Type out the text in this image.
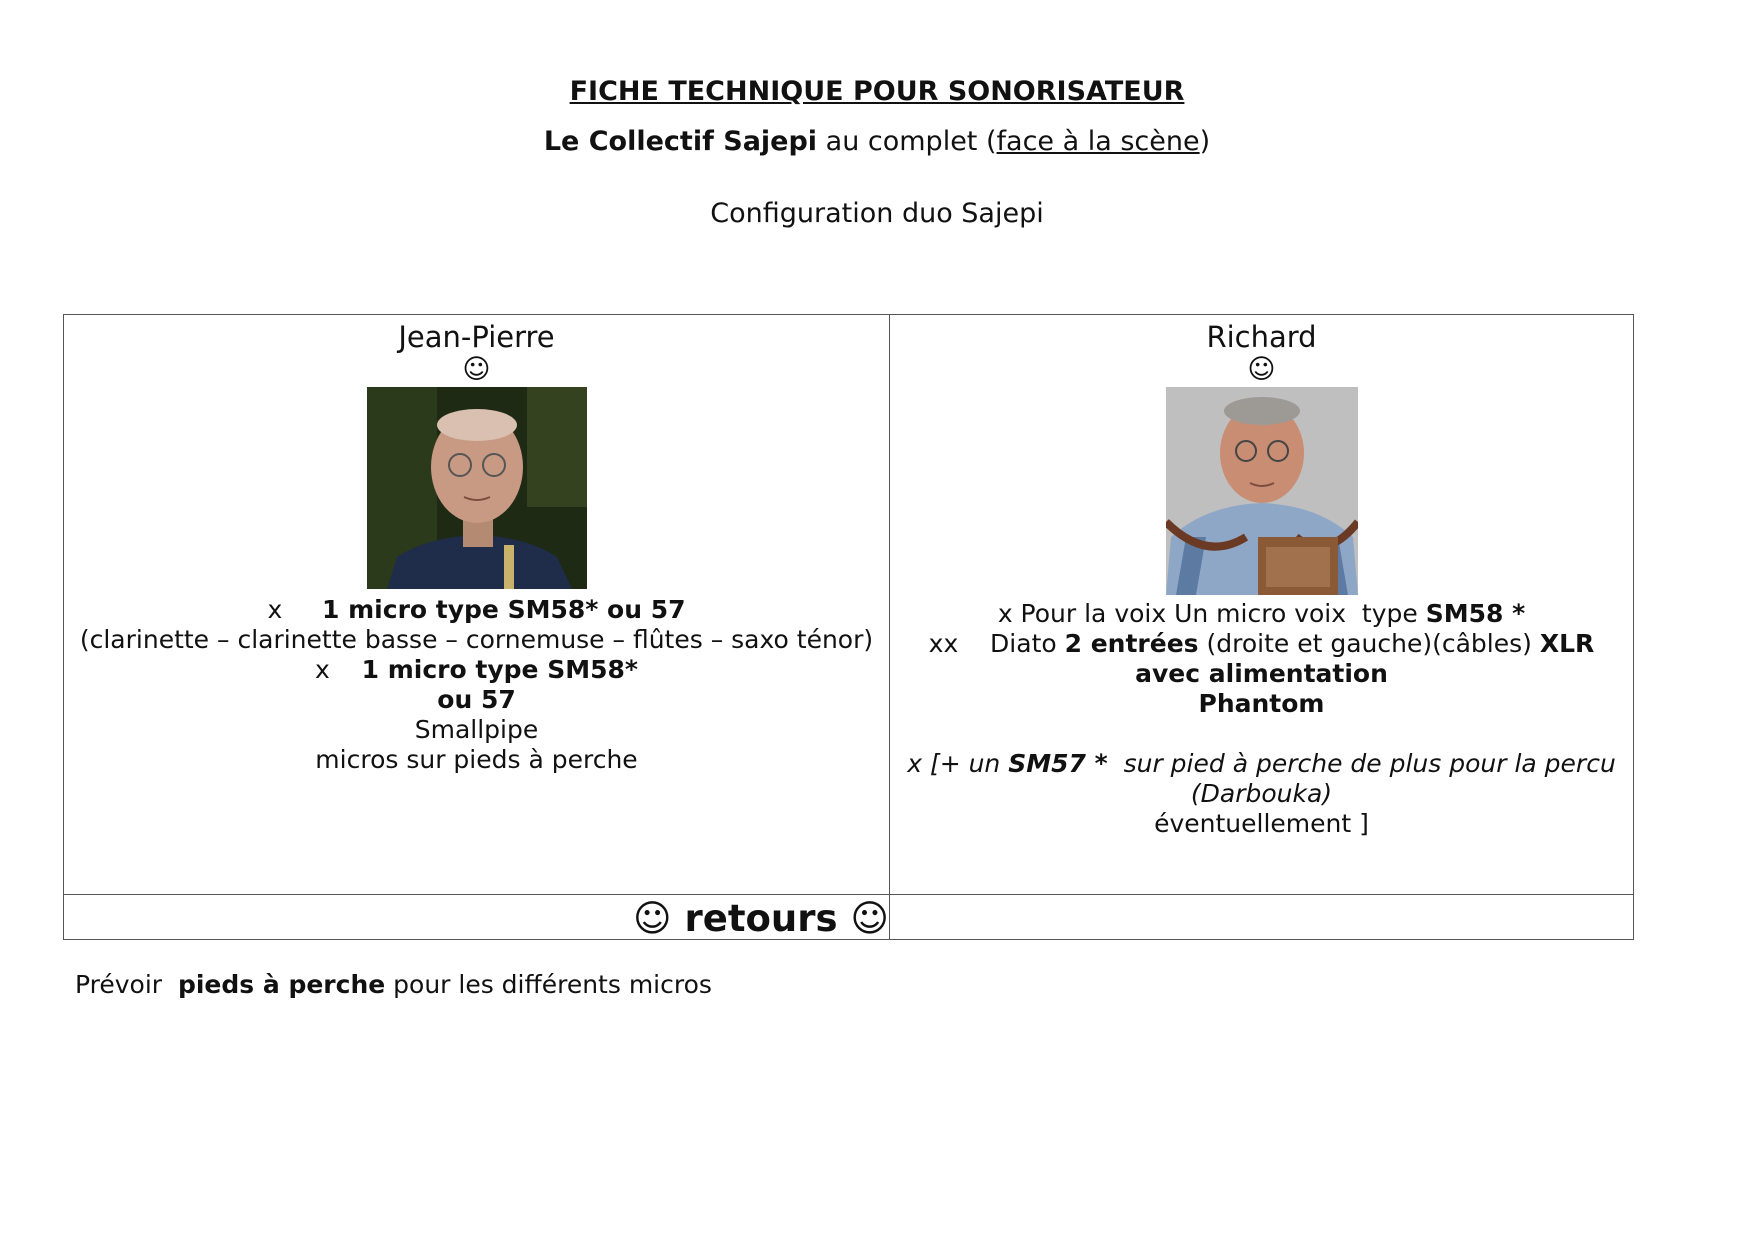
FICHE TECHNIQUE POUR SONORISATEUR
Le Collectif Sajepi au complet (face à la scène)
Configuration duo Sajepi
Jean-Pierre
☺
x     1 micro type SM58* ou 57
(clarinette – clarinette basse – cornemuse – flûtes – saxo ténor)
x    1 micro type SM58*
ou 57
Smallpipe
micros sur pieds à perche
Richard
☺
x Pour la voix Un micro voix  type SM58 *
xx    Diato 2 entrées (droite et gauche)(câbles) XLR
avec alimentation
Phantom
x [+ un SM57 *  sur pied à perche de plus pour la percu
(Darbouka)
éventuellement ]
☺ retours ☺
Prévoir  pieds à perche pour les différents micros
